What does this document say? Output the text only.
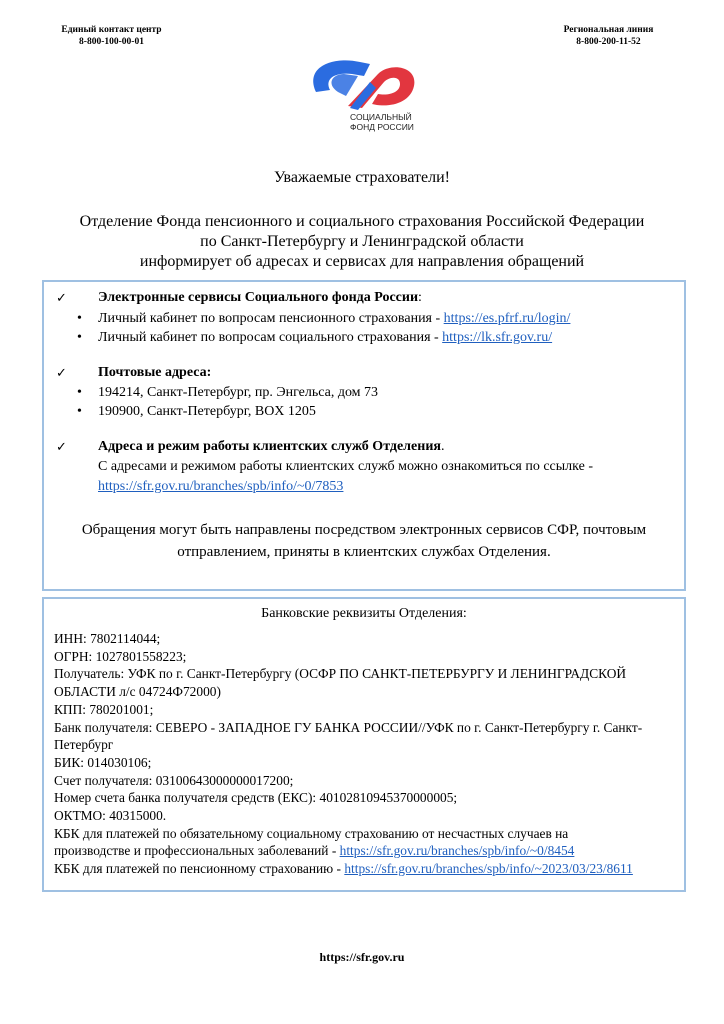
Единый контакт центр
8-800-100-00-01
Региональная линия
8-800-200-11-52
СОЦИАЛЬНЫЙ
ФОНД РОССИИ
Уважаемые страхователи!
Отделение Фонда пенсионного и социального страхования Российской Федерации
по Санкт-Петербургу и Ленинградской области
информирует об адресах и сервисах для направления обращений
✓ Электронные сервисы Социального фонда России:
• Личный кабинет по вопросам пенсионного страхования - https://es.pfrf.ru/login/
• Личный кабинет по вопросам социального страхования - https://lk.sfr.gov.ru/
✓ Почтовые адреса:
• 194214, Санкт-Петербург, пр. Энгельса, дом 73
• 190900, Санкт-Петербург, BOX 1205
✓ Адреса и режим работы клиентских служб Отделения.
С адресами и режимом работы клиентских служб можно ознакомиться по ссылке -
https://sfr.gov.ru/branches/spb/info/~0/7853
Обращения могут быть направлены посредством электронных сервисов СФР, почтовым
отправлением, приняты в клиентских службах Отделения.
Банковские реквизиты Отделения:
ИНН: 7802114044;
ОГРН: 1027801558223;
Получатель: УФК по г. Санкт-Петербургу (ОСФР ПО САНКТ-ПЕТЕРБУРГУ И ЛЕНИНГРАДСКОЙ
ОБЛАСТИ л/с 04724Ф72000)
КПП: 780201001;
Банк получателя: СЕВЕРО - ЗАПАДНОЕ ГУ БАНКА РОССИИ//УФК по г. Санкт-Петербургу г. Санкт-
Петербург
БИК: 014030106;
Счет получателя: 03100643000000017200;
Номер счета банка получателя средств (ЕКС): 40102810945370000005;
ОКТМО: 40315000.
КБК для платежей по обязательному социальному страхованию от несчастных случаев на
производстве и профессиональных заболеваний - https://sfr.gov.ru/branches/spb/info/~0/8454
КБК для платежей по пенсионному страхованию - https://sfr.gov.ru/branches/spb/info/~2023/03/23/8611
https://sfr.gov.ru
